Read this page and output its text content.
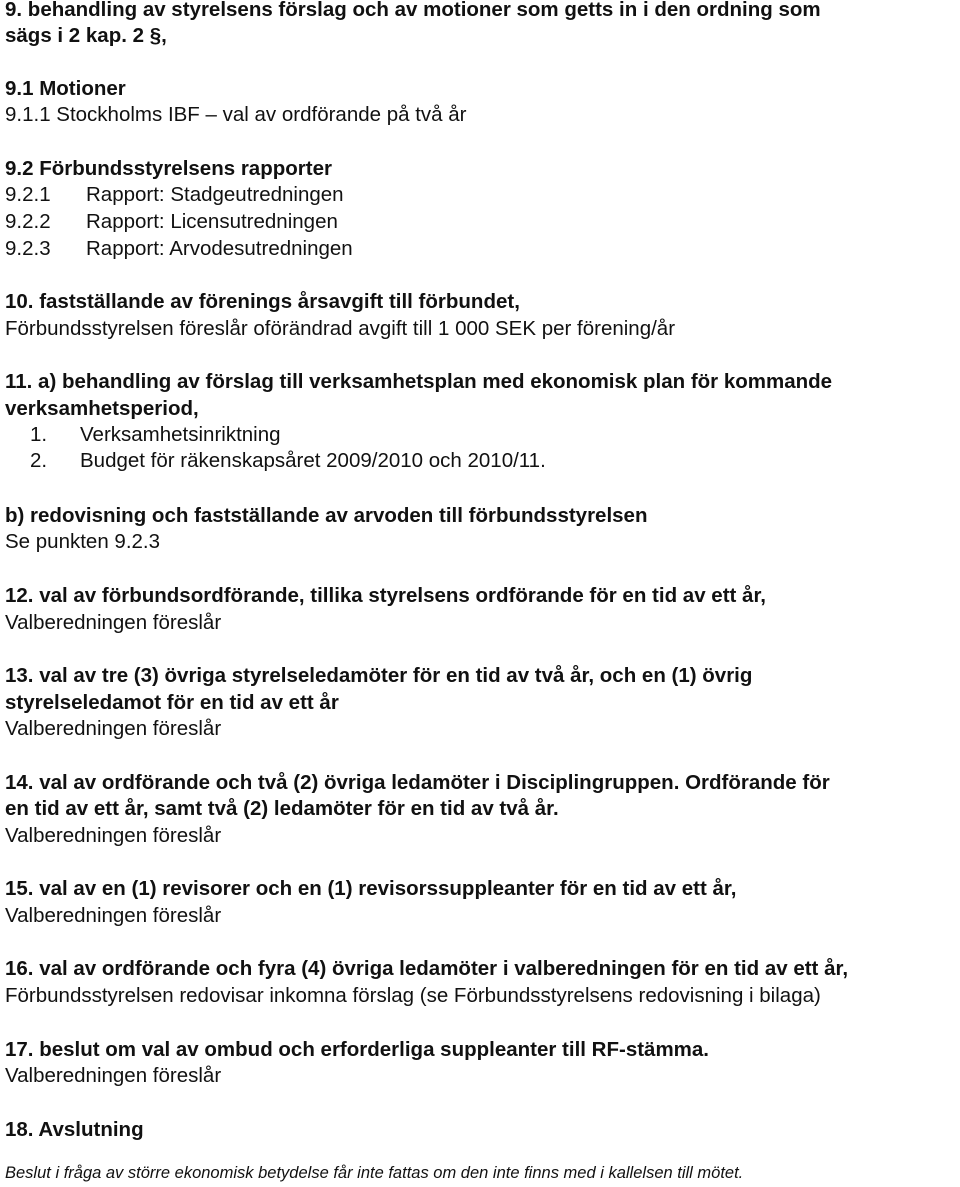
9. behandling av styrelsens förslag och av motioner som getts in i den ordning som
sägs i 2 kap. 2 §,
9.1 Motioner
9.1.1 Stockholms IBF – val av ordförande på två år
9.2 Förbundsstyrelsens rapporter
9.2.1 Rapport: Stadgeutredningen
9.2.2 Rapport: Licensutredningen
9.2.3 Rapport: Arvodesutredningen
10. fastställande av förenings årsavgift till förbundet,
Förbundsstyrelsen föreslår oförändrad avgift till 1 000 SEK per förening/år
11. a) behandling av förslag till verksamhetsplan med ekonomisk plan för kommande
verksamhetsperiod,
1. Verksamhetsinriktning
2. Budget för räkenskapsåret 2009/2010 och 2010/11.
b) redovisning och fastställande av arvoden till förbundsstyrelsen
Se punkten 9.2.3
12. val av förbundsordförande, tillika styrelsens ordförande för en tid av ett år,
Valberedningen föreslår
13. val av tre (3) övriga styrelseledamöter för en tid av två år, och en (1) övrig
styrelseledamot för en tid av ett år
Valberedningen föreslår
14. val av ordförande och två (2) övriga ledamöter i Disciplingruppen. Ordförande för
en tid av ett år, samt två (2) ledamöter för en tid av två år.
Valberedningen föreslår
15. val av en (1) revisorer och en (1) revisorssuppleanter för en tid av ett år,
Valberedningen föreslår
16. val av ordförande och fyra (4) övriga ledamöter i valberedningen för en tid av ett år,
Förbundsstyrelsen redovisar inkomna förslag (se Förbundsstyrelsens redovisning i bilaga)
17. beslut om val av ombud och erforderliga suppleanter till RF-stämma.
Valberedningen föreslår
18. Avslutning
Beslut i fråga av större ekonomisk betydelse får inte fattas om den inte finns med i kallelsen till mötet.
